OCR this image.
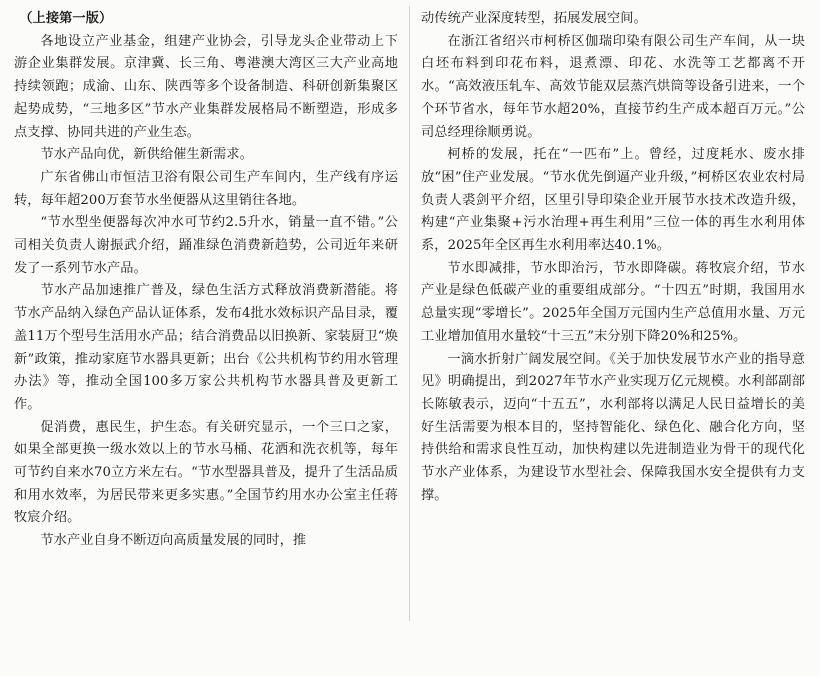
（上接第一版）

各地设立产业基金，组建产业协会，引导龙头企业带动上下游企业集群发展。京津冀、长三角、粤港澳大湾区三大产业高地持续领跑；成渝、山东、陕西等多个设备制造、科研创新集聚区起势成势，“三地多区”节水产业集群发展格局不断塑造，形成多点支撑、协同共进的产业生态。

节水产品向优，新供给催生新需求。

广东省佛山市恒洁卫浴有限公司生产车间内，生产线有序运转，每年超200万套节水坐便器从这里销往各地。

“节水型坐便器每次冲水可节约2.5升水，销量一直不错。”公司相关负责人谢振武介绍，踊准绿色消费新趋势，公司近年来研发了一系列节水产品。

节水产品加速推广普及，绿色生活方式释放消费新潜能。将节水产品纳入绿色产品认证体系，发布4批水效标识产品目录，覆盖11万个型号生活用水产品；结合消费品以旧换新、家装厨卫“焕新”政策，推动家庭节水器具更新；出台《公共机构节约用水管理办法》等，推动全国100多万家公共机构节水器具普及更新工作。

促消费，惠民生，护生态。有关研究显示，一个三口之家，如果全部更换一级水效以上的节水马桶、花洒和洗衣机等，每年可节约自来水70立方米左右。“节水型器具普及，提升了生活品质和用水效率，为居民带来更多实惠。”全国节约用水办公室主任蒋牧宸介绍。

节水产业自身不断迈向高质量发展的同时，推

动传统产业深度转型，拓展发展空间。

在浙江省绍兴市柯桥区伽瑞印染有限公司生产车间，从一块白坯布料到印花布料，退煮漂、印花、水洗等工艺都离不开水。“高效液压轧车、高效节能双层蒸汽烘筒等设备引进来，一个个环节省水，每年节水超20%，直接节约生产成本超百万元。”公司总经理徐顺勇说。

柯桥的发展，托在“一匹布”上。曾经，过度耗水、废水排放“困”住产业发展。“节水优先倒逼产业升级，”柯桥区农业农村局负责人裘剑平介绍，区里引导印染企业开展节水技术改造升级，构建“产业集聚+污水治理+再生利用”三位一体的再生水利用体系，2025年全区再生水利用率达40.1%。

节水即减排，节水即治污，节水即降碳。蒋牧宸介绍，节水产业是绿色低碳产业的重要组成部分。“十四五”时期，我国用水总量实现“零增长”。2025年全国万元国内生产总值用水量、万元工业增加值用水量较“十三五”末分别下降20%和25%。

一滴水折射广阔发展空间。《关于加快发展节水产业的指导意见》明确提出，到2027年节水产业实现万亿元规模。水利部副部长陈敏表示，迈向“十五五”，水利部将以满足人民日益增长的美好生活需要为根本目的，坚持智能化、绿色化、融合化方向，坚持供给和需求良性互动，加快构建以先进制造业为骨干的现代化节水产业体系，为建设节水型社会、保障我国水安全提供有力支撑。
